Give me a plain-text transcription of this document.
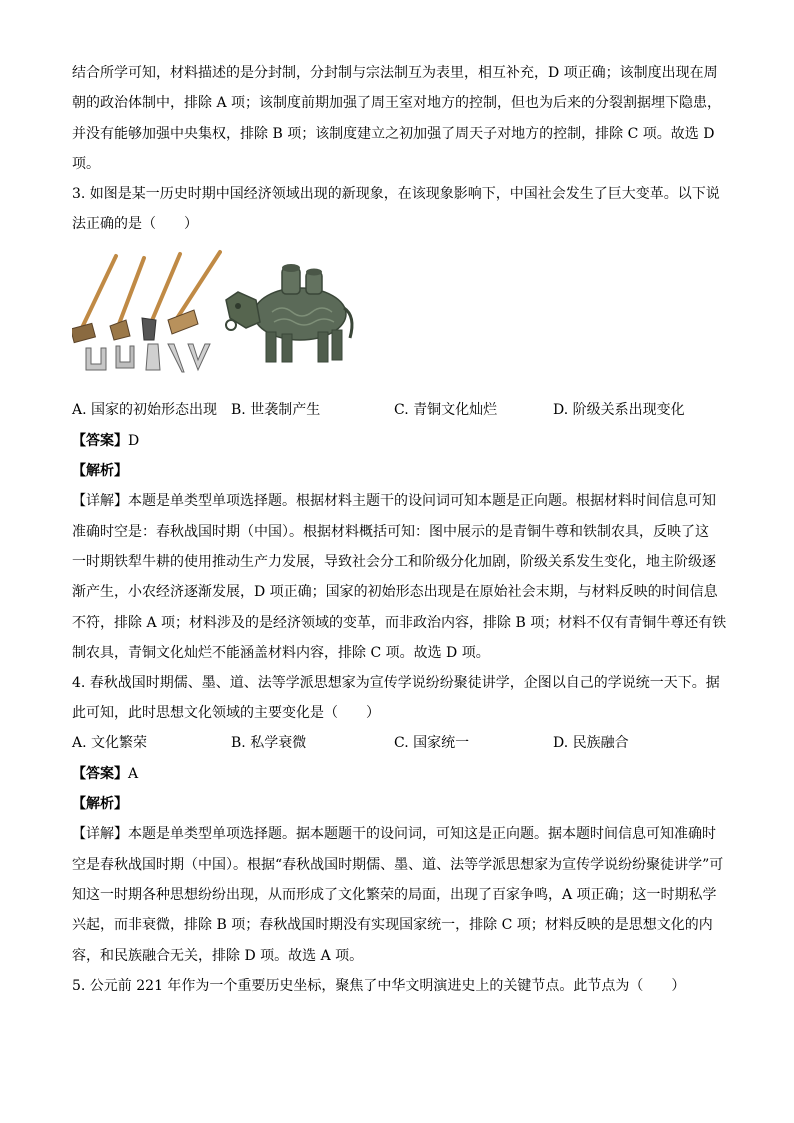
结合所学可知，材料描述的是分封制，分封制与宗法制互为表里，相互补充，D 项正确；该制度出现在周
朝的政治体制中，排除 A 项；该制度前期加强了周王室对地方的控制，但也为后来的分裂割据埋下隐患，
并没有能够加强中央集权，排除 B 项；该制度建立之初加强了周天子对地方的控制，排除 C 项。故选 D
项。

3. 如图是某一历史时期中国经济领域出现的新现象，在该现象影响下，中国社会发生了巨大变革。以下说
法正确的是（　　）

A. 国家的初始形态出现	B. 世袭制产生	C. 青铜文化灿烂	D. 阶级关系出现变化

【答案】D

【解析】

【详解】本题是单类型单项选择题。根据材料主题干的设问词可知本题是正向题。根据材料时间信息可知
准确时空是：春秋战国时期（中国）。根据材料概括可知：图中展示的是青铜牛尊和铁制农具，反映了这
一时期铁犁牛耕的使用推动生产力发展，导致社会分工和阶级分化加剧，阶级关系发生变化，地主阶级逐
渐产生，小农经济逐渐发展，D 项正确；国家的初始形态出现是在原始社会末期，与材料反映的时间信息
不符，排除 A 项；材料涉及的是经济领域的变革，而非政治内容，排除 B 项；材料不仅有青铜牛尊还有铁
制农具，青铜文化灿烂不能涵盖材料内容，排除 C 项。故选 D 项。

4. 春秋战国时期儒、墨、道、法等学派思想家为宣传学说纷纷聚徒讲学，企图以自己的学说统一天下。据
此可知，此时思想文化领域的主要变化是（　　）

A. 文化繁荣	B. 私学衰微	C. 国家统一	D. 民族融合

【答案】A

【解析】

【详解】本题是单类型单项选择题。据本题题干的设问词，可知这是正向题。据本题时间信息可知准确时
空是春秋战国时期（中国）。根据“春秋战国时期儒、墨、道、法等学派思想家为宣传学说纷纷聚徒讲学”可
知这一时期各种思想纷纷出现，从而形成了文化繁荣的局面，出现了百家争鸣，A 项正确；这一时期私学
兴起，而非衰微，排除 B 项；春秋战国时期没有实现国家统一，排除 C 项；材料反映的是思想文化的内
容，和民族融合无关，排除 D 项。故选 A 项。

5. 公元前 221 年作为一个重要历史坐标，聚焦了中华文明演进史上的关键节点。此节点为（　　）
